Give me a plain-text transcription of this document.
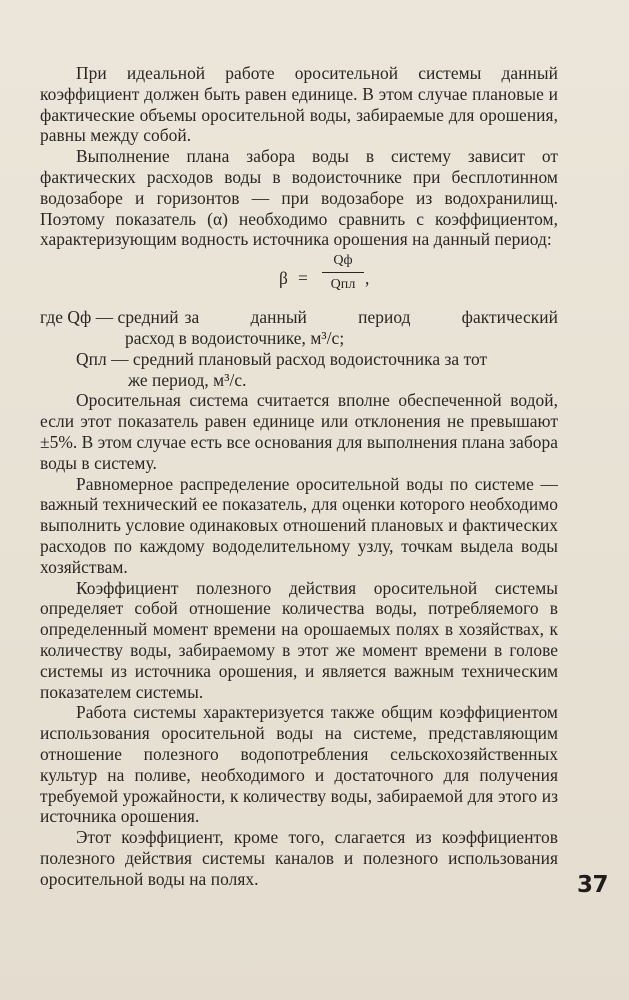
При идеальной работе оросительной системы данный коэффициент должен быть равен единице. В этом случае плановые и фактические объемы оросительной воды, забираемые для орошения, равны между собой.

Выполнение плана забора воды в систему зависит от фактических расходов воды в водоисточнике при бесплотинном водозаборе и горизонтов — при водозаборе из водохранилищ. Поэтому показатель (α) необходимо сравнить с коэффициентом, характеризующим водность источника орошения на данный период:

β =
Qф
Qпл ,
где Qф — средний за данный период фактический

расход в водоисточнике, м³/с;

Qпл — средний плановый расход водоисточника за тот

же период, м³/с.

Оросительная система считается вполне обеспеченной водой, если этот показатель равен единице или отклонения не превышают ±5%. В этом случае есть все основания для выполнения плана забора воды в систему.

Равномерное распределение оросительной воды по системе — важный технический ее показатель, для оценки которого необходимо выполнить условие одинаковых отношений плановых и фактических расходов по каждому вододелительному узлу, точкам выдела воды хозяйствам.

Коэффициент полезного действия оросительной системы определяет собой отношение количества воды, потребляемого в определенный момент времени на орошаемых полях в хозяйствах, к количеству воды, забираемому в этот же момент времени в голове системы из источника орошения, и является важным техническим показателем системы.

Работа системы характеризуется также общим коэффициентом использования оросительной воды на системе, представляющим отношение полезного водопотребления сельскохозяйственных культур на поливе, необходимого и достаточного для получения требуемой урожайности, к количеству воды, забираемой для этого из источника орошения.

Этот коэффициент, кроме того, слагается из коэффициентов полезного действия системы каналов и полезного использования оросительной воды на полях.	37
